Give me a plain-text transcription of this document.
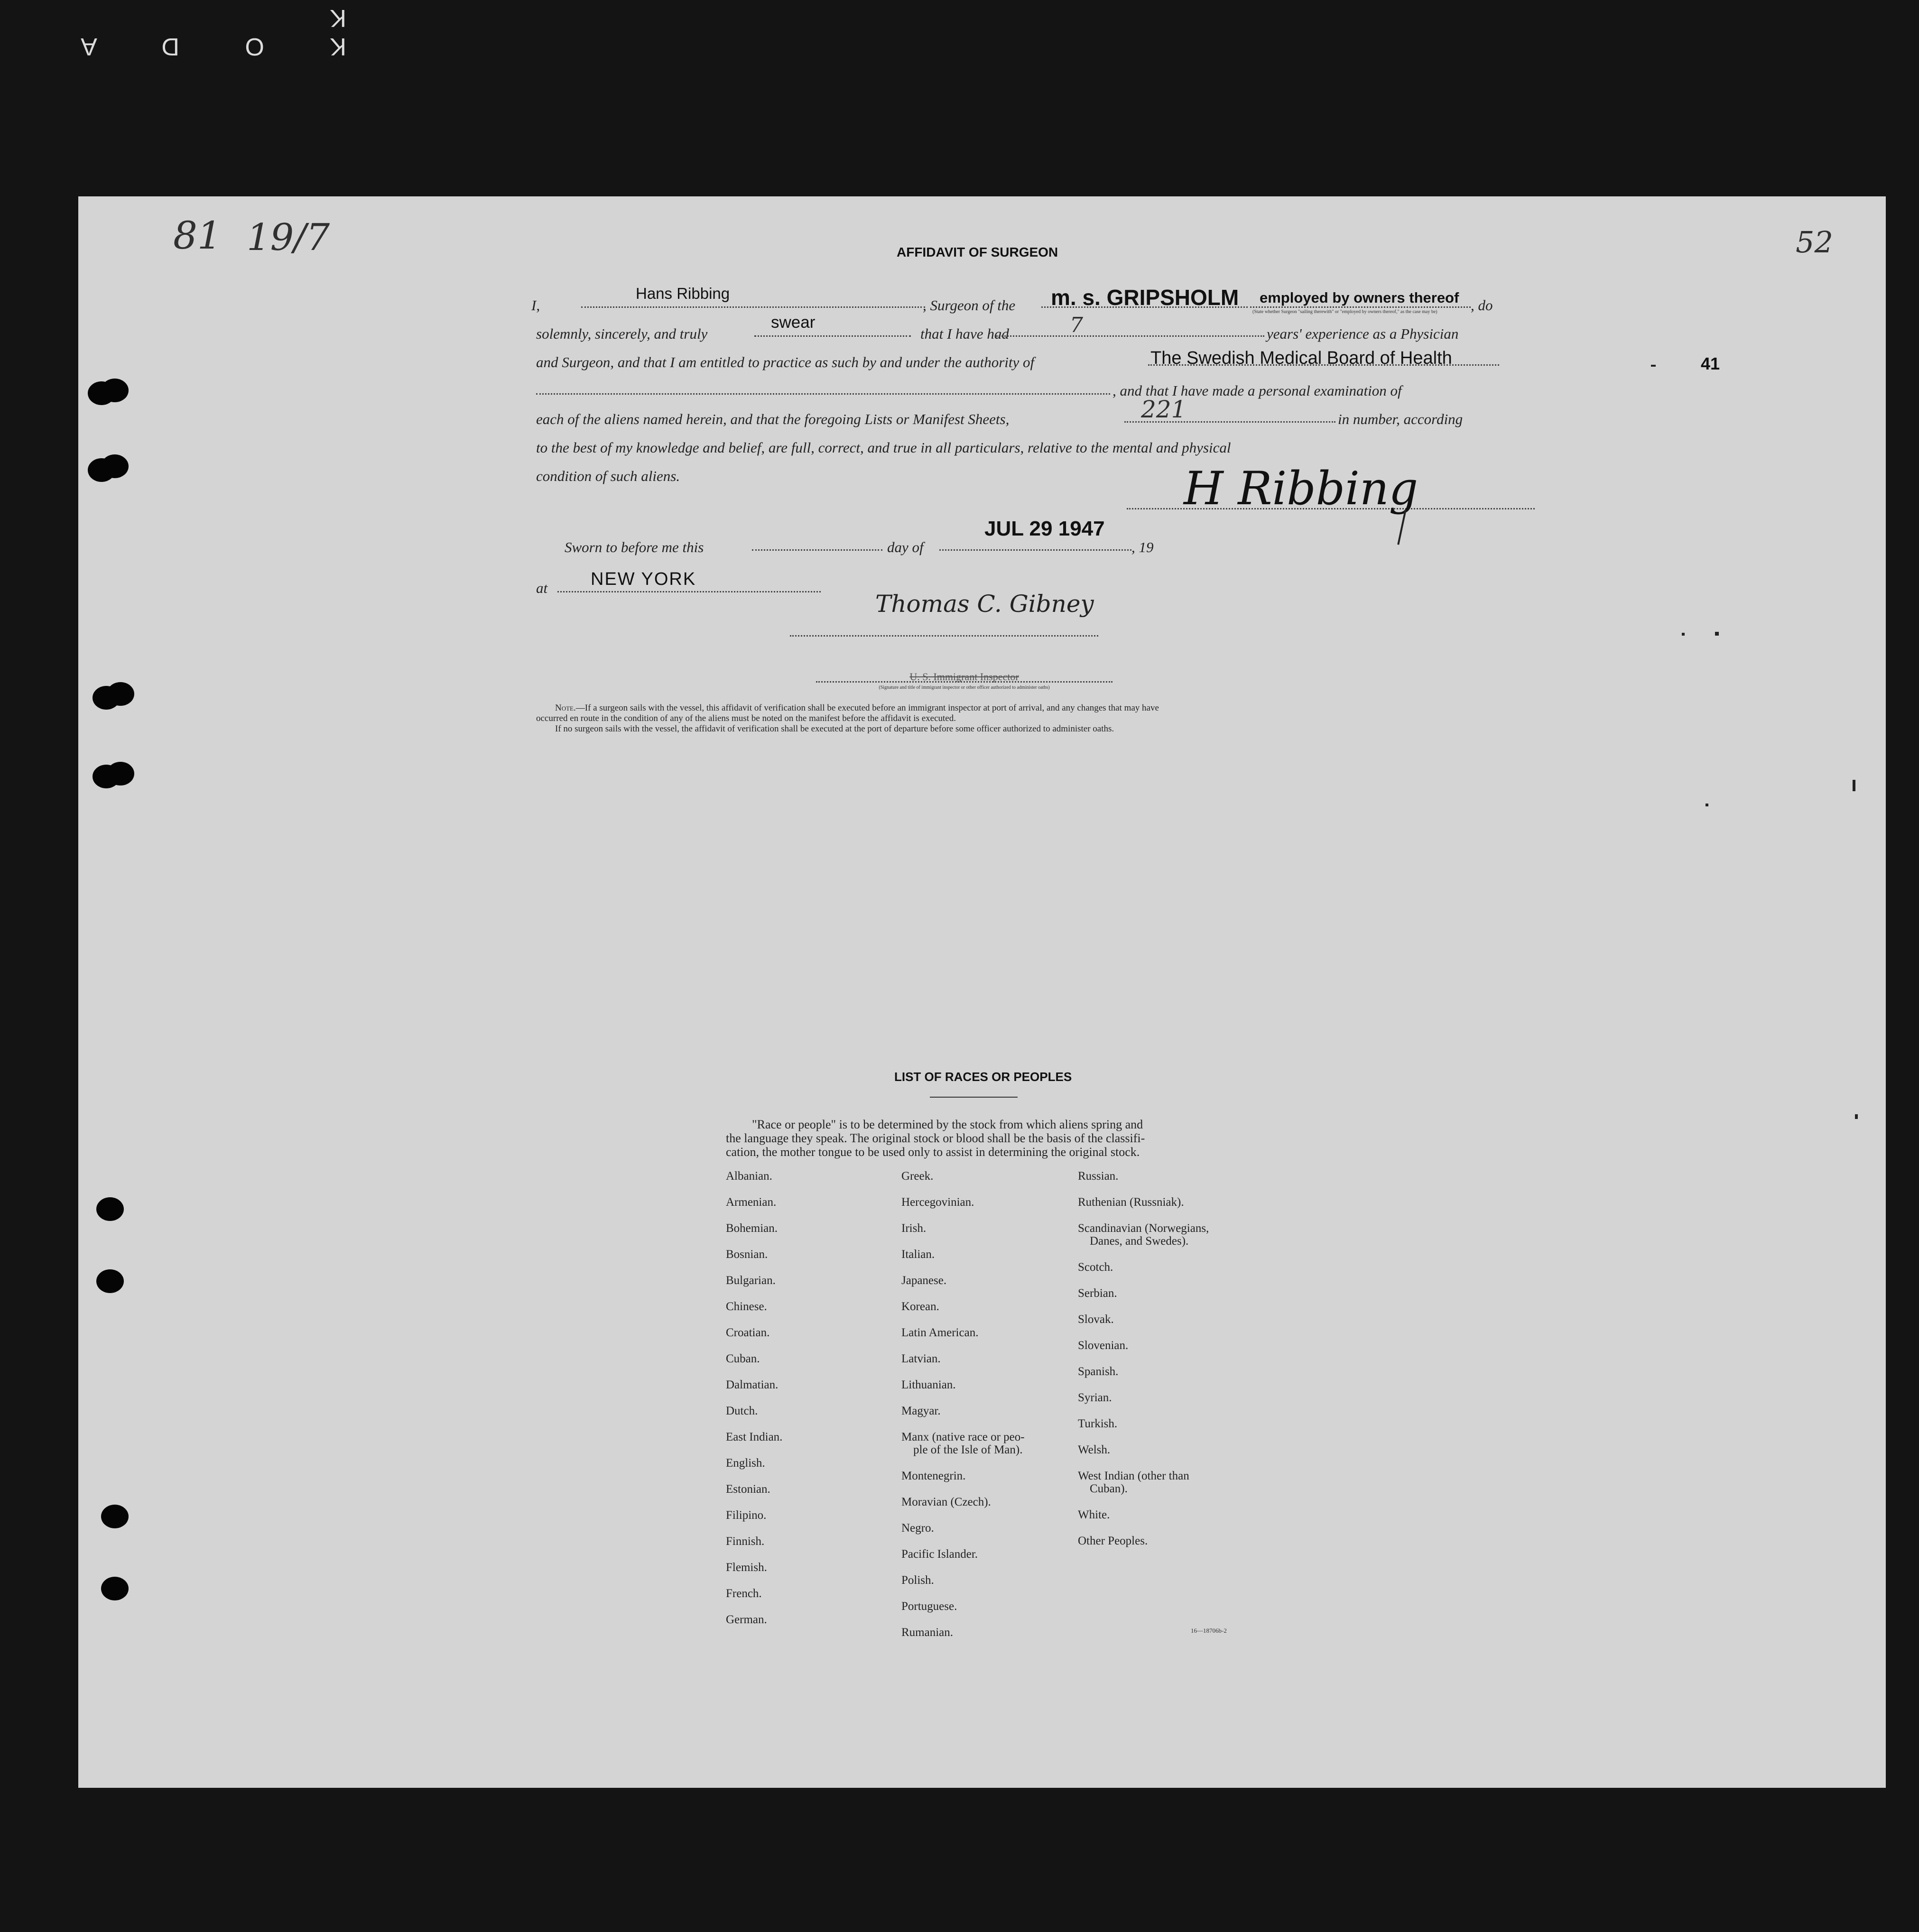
K O D A K
81 19/7	52
41
AFFIDAVIT OF SURGEON
I,
Hans Ribbing
, Surgeon of the m. s. GRIPSHOLM employed by owners thereof , do
(State whether Surgeon "sailing therewith" or "employed by owners thereof," as the case may be)
solemnly, sincerely, and truly
swear
that I have had	7	years' experience as a Physician
and Surgeon, and that I am entitled to practice as such by and under the authority of	The Swedish Medical Board of Health
, and that I have made a personal examination of
each of the aliens named herein, and that the foregoing Lists or Manifest Sheets,	221	in number, according
to the best of my knowledge and belief, are full, correct, and true in all particulars, relative to the mental and physical
condition of such aliens.	H Ribbing
Sworn to before me this	day of
JUL 29 1947
, 19
at NEW YORK
Thomas C. Gibney
U. S. Immigrant Inspector
(Signature and title of immigrant inspector or other officer authorized to administer oaths)
Note.—If a surgeon sails with the vessel, this affidavit of verification shall be executed before an immigrant inspector at port of arrival, and any changes that may have
occurred en route in the condition of any of the aliens must be noted on the manifest before the affidavit is executed.
If no surgeon sails with the vessel, the affidavit of verification shall be executed at the port of departure before some officer authorized to administer oaths.
LIST OF RACES OR PEOPLES
"Race or people" is to be determined by the stock from which aliens spring and
the language they speak. The original stock or blood shall be the basis of the classifi-
cation, the mother tongue to be used only to assist in determining the original stock.
Albanian.
Armenian.
Bohemian.
Bosnian.
Bulgarian.
Chinese.
Croatian.
Cuban.
Dalmatian.
Dutch.
East Indian.
English.
Estonian.
Filipino.
Finnish.
Flemish.
French.
German.
Greek.
Hercegovinian.
Irish.
Italian.
Japanese.
Korean.
Latin American.
Latvian.
Lithuanian.
Magyar.
Manx (native race or peo-
ple of the Isle of Man).
Montenegrin.
Moravian (Czech).
Negro.
Pacific Islander.
Polish.
Portuguese.
Rumanian.
Russian.
Ruthenian (Russniak).
Scandinavian (Norwegians,
Danes, and Swedes).
Scotch.
Serbian.
Slovak.
Slovenian.
Spanish.
Syrian.
Turkish.
Welsh.
West Indian (other than
Cuban).
White.
Other Peoples.
16—18706b-2
